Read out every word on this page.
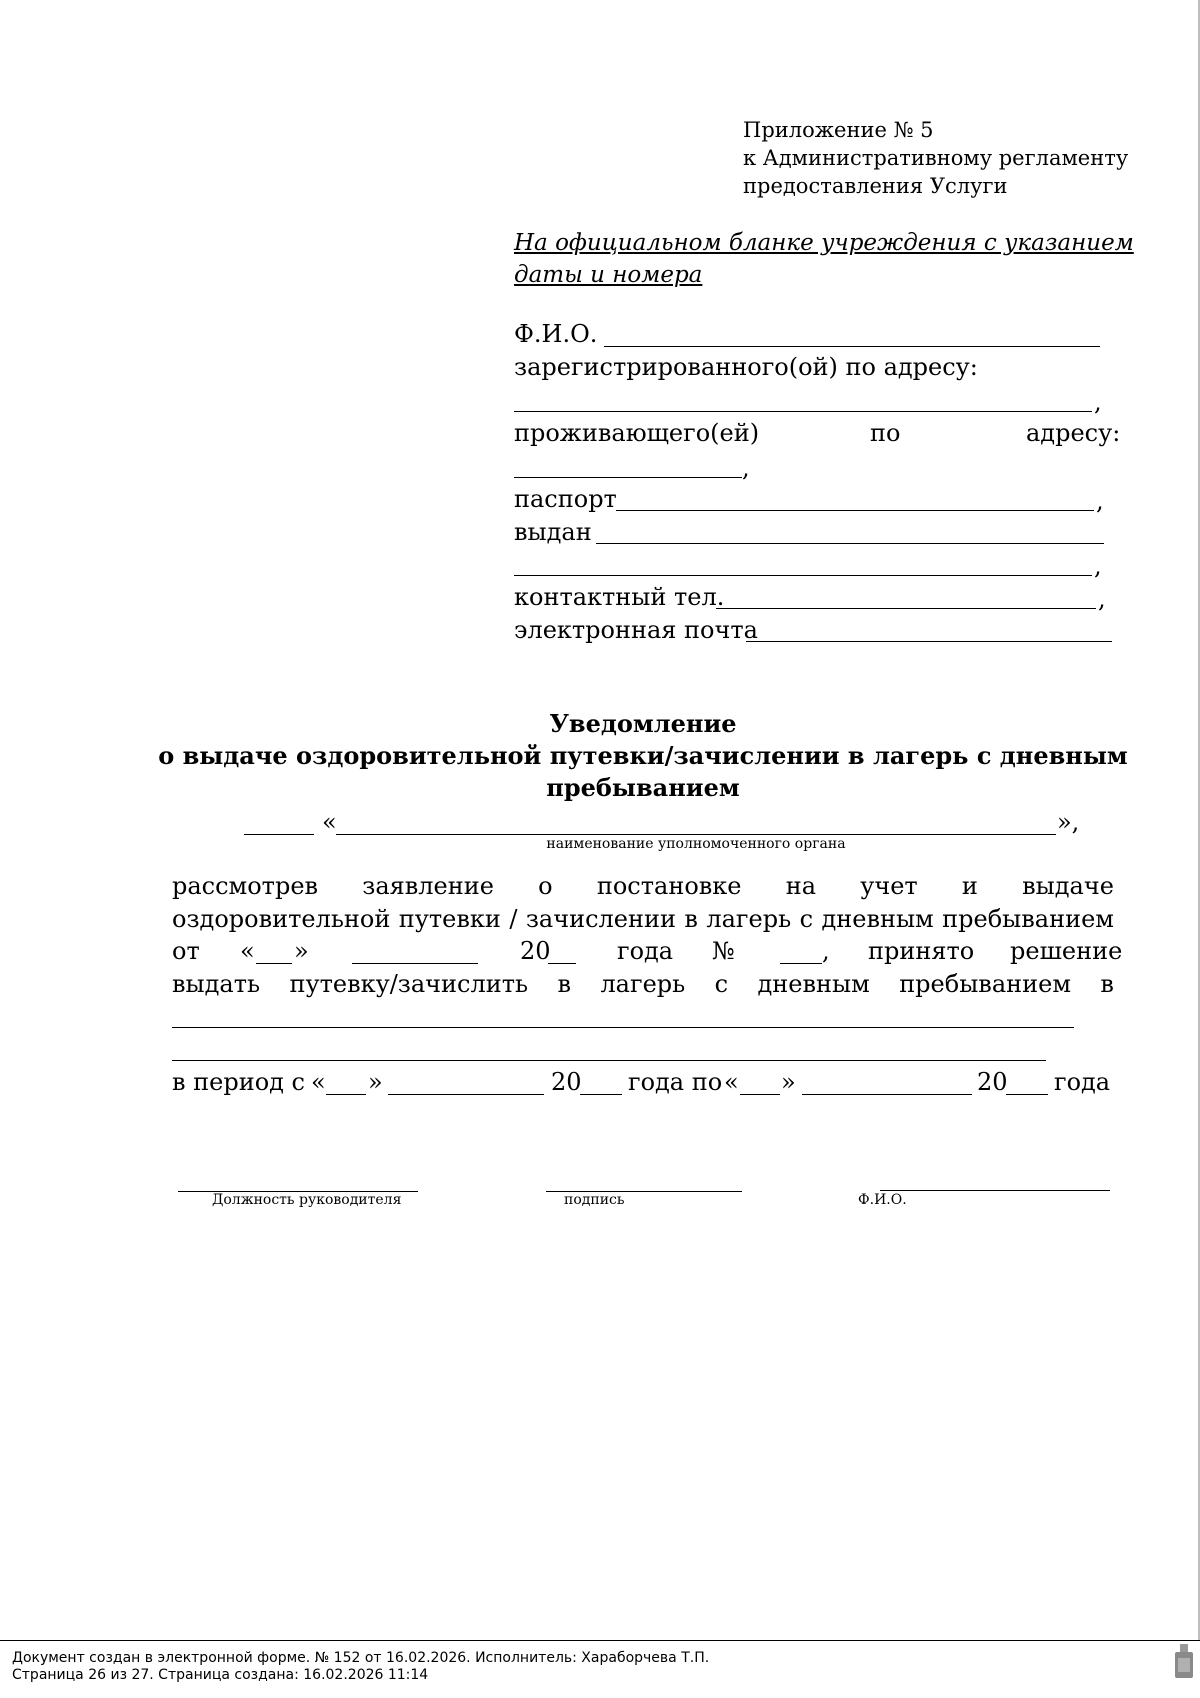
Приложение № 5
к Административному регламенту
предоставления Услуги
На официальном бланке учреждения с указанием
даты и номера
Ф.И.О.
зарегистрированного(ой) по адресу:
,
проживающего(ей)	по	адресу:
,
паспорт	,
выдан
,
контактный тел.	,
электронная почта
Уведомление
о выдаче оздоровительной путевки/зачислении в лагерь с дневным
пребыванием
«	»,
наименование уполномоченного органа
рассмотрев заявление о постановке на учет и выдаче
оздоровительной путевки / зачислении в лагерь с дневным пребыванием
от « »	20	года №	, принято решение
выдать путевку/зачислить в лагерь с дневным пребыванием в
в период с « »	20 года по « »	20 года
Должность руководителя	подпись	Ф.И.О.
Документ создан в электронной форме. № 152 от 16.02.2026. Исполнитель: Хараборчева Т.П.
Страница 26 из 27. Страница создана: 16.02.2026 11:14
